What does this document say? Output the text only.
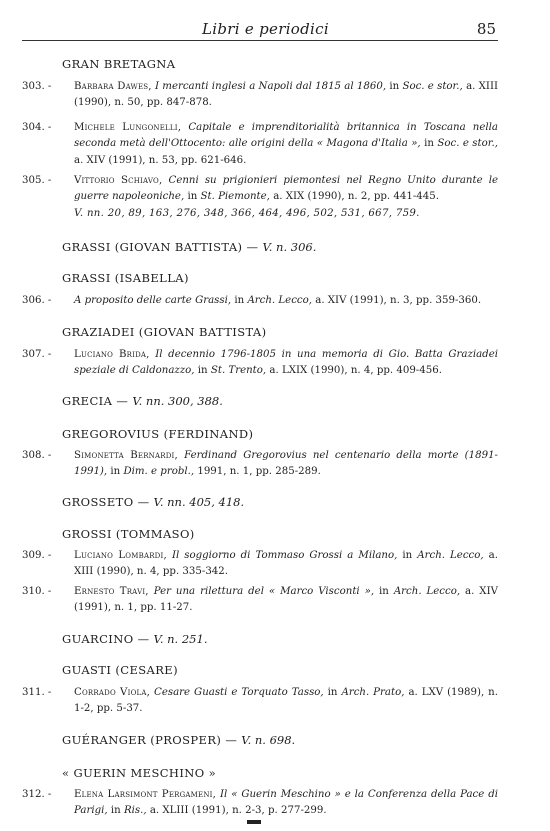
Libri e periodici	85
GRAN BRETAGNA
GRASSI (GIOVAN BATTISTA) — V. n. 306.
GRASSI (ISABELLA)
GRAZIADEI (GIOVAN BATTISTA)
GRECIA — V. nn. 300, 388.
GREGOROVIUS (FERDINAND)
GROSSETO — V. nn. 405, 418.
GROSSI (TOMMASO)
GUARCINO — V. n. 251.
GUASTI (CESARE)
GUÉRANGER (PROSPER) — V. n. 698.
« GUERIN MESCHINO »

303. - Barbara Dawes, I mercanti inglesi a Napoli dal 1815 al 1860, in Soc. e stor., a. XIII (1990), n. 50, pp. 847-878.

304. - Michele Lungonelli, Capitale e imprenditorialità britannica in Toscana nella seconda metà dell'Ottocento: alle origini della « Magona d'Italia », in Soc. e stor., a. XIV (1991), n. 53, pp. 621-646.

305. - Vittorio Schiavo, Cenni su prigionieri piemontesi nel Regno Unito durante le guerre napoleoniche, in St. Piemonte, a. XIX (1990), n. 2, pp. 441-445.

V. nn. 20, 89, 163, 276, 348, 366, 464, 496, 502, 531, 667, 759.

306. - A proposito delle carte Grassi, in Arch. Lecco, a. XIV (1991), n. 3, pp. 359-360.

307. - Luciano Brida, Il decennio 1796-1805 in una memoria di Gio. Batta Graziadei speziale di Caldonazzo, in St. Trento, a. LXIX (1990), n. 4, pp. 409-456.

308. - Simonetta Bernardi, Ferdinand Gregorovius nel centenario della morte (1891-1991), in Dim. e probl., 1991, n. 1, pp. 285-289.

309. - Luciano Lombardi, Il soggiorno di Tommaso Grossi a Milano, in Arch. Lecco, a. XIII (1990), n. 4, pp. 335-342.

310. - Ernesto Travi, Per una rilettura del « Marco Visconti », in Arch. Lecco, a. XIV (1991), n. 1, pp. 11-27.

311. - Corrado Viola, Cesare Guasti e Torquato Tasso, in Arch. Prato, a. LXV (1989), n. 1-2, pp. 5-37.

312. - Elena Larsimont Pergameni, Il « Guerin Meschino » e la Conferenza della Pace di Parigi, in Ris., a. XLIII (1991), n. 2-3, p. 277-299.
